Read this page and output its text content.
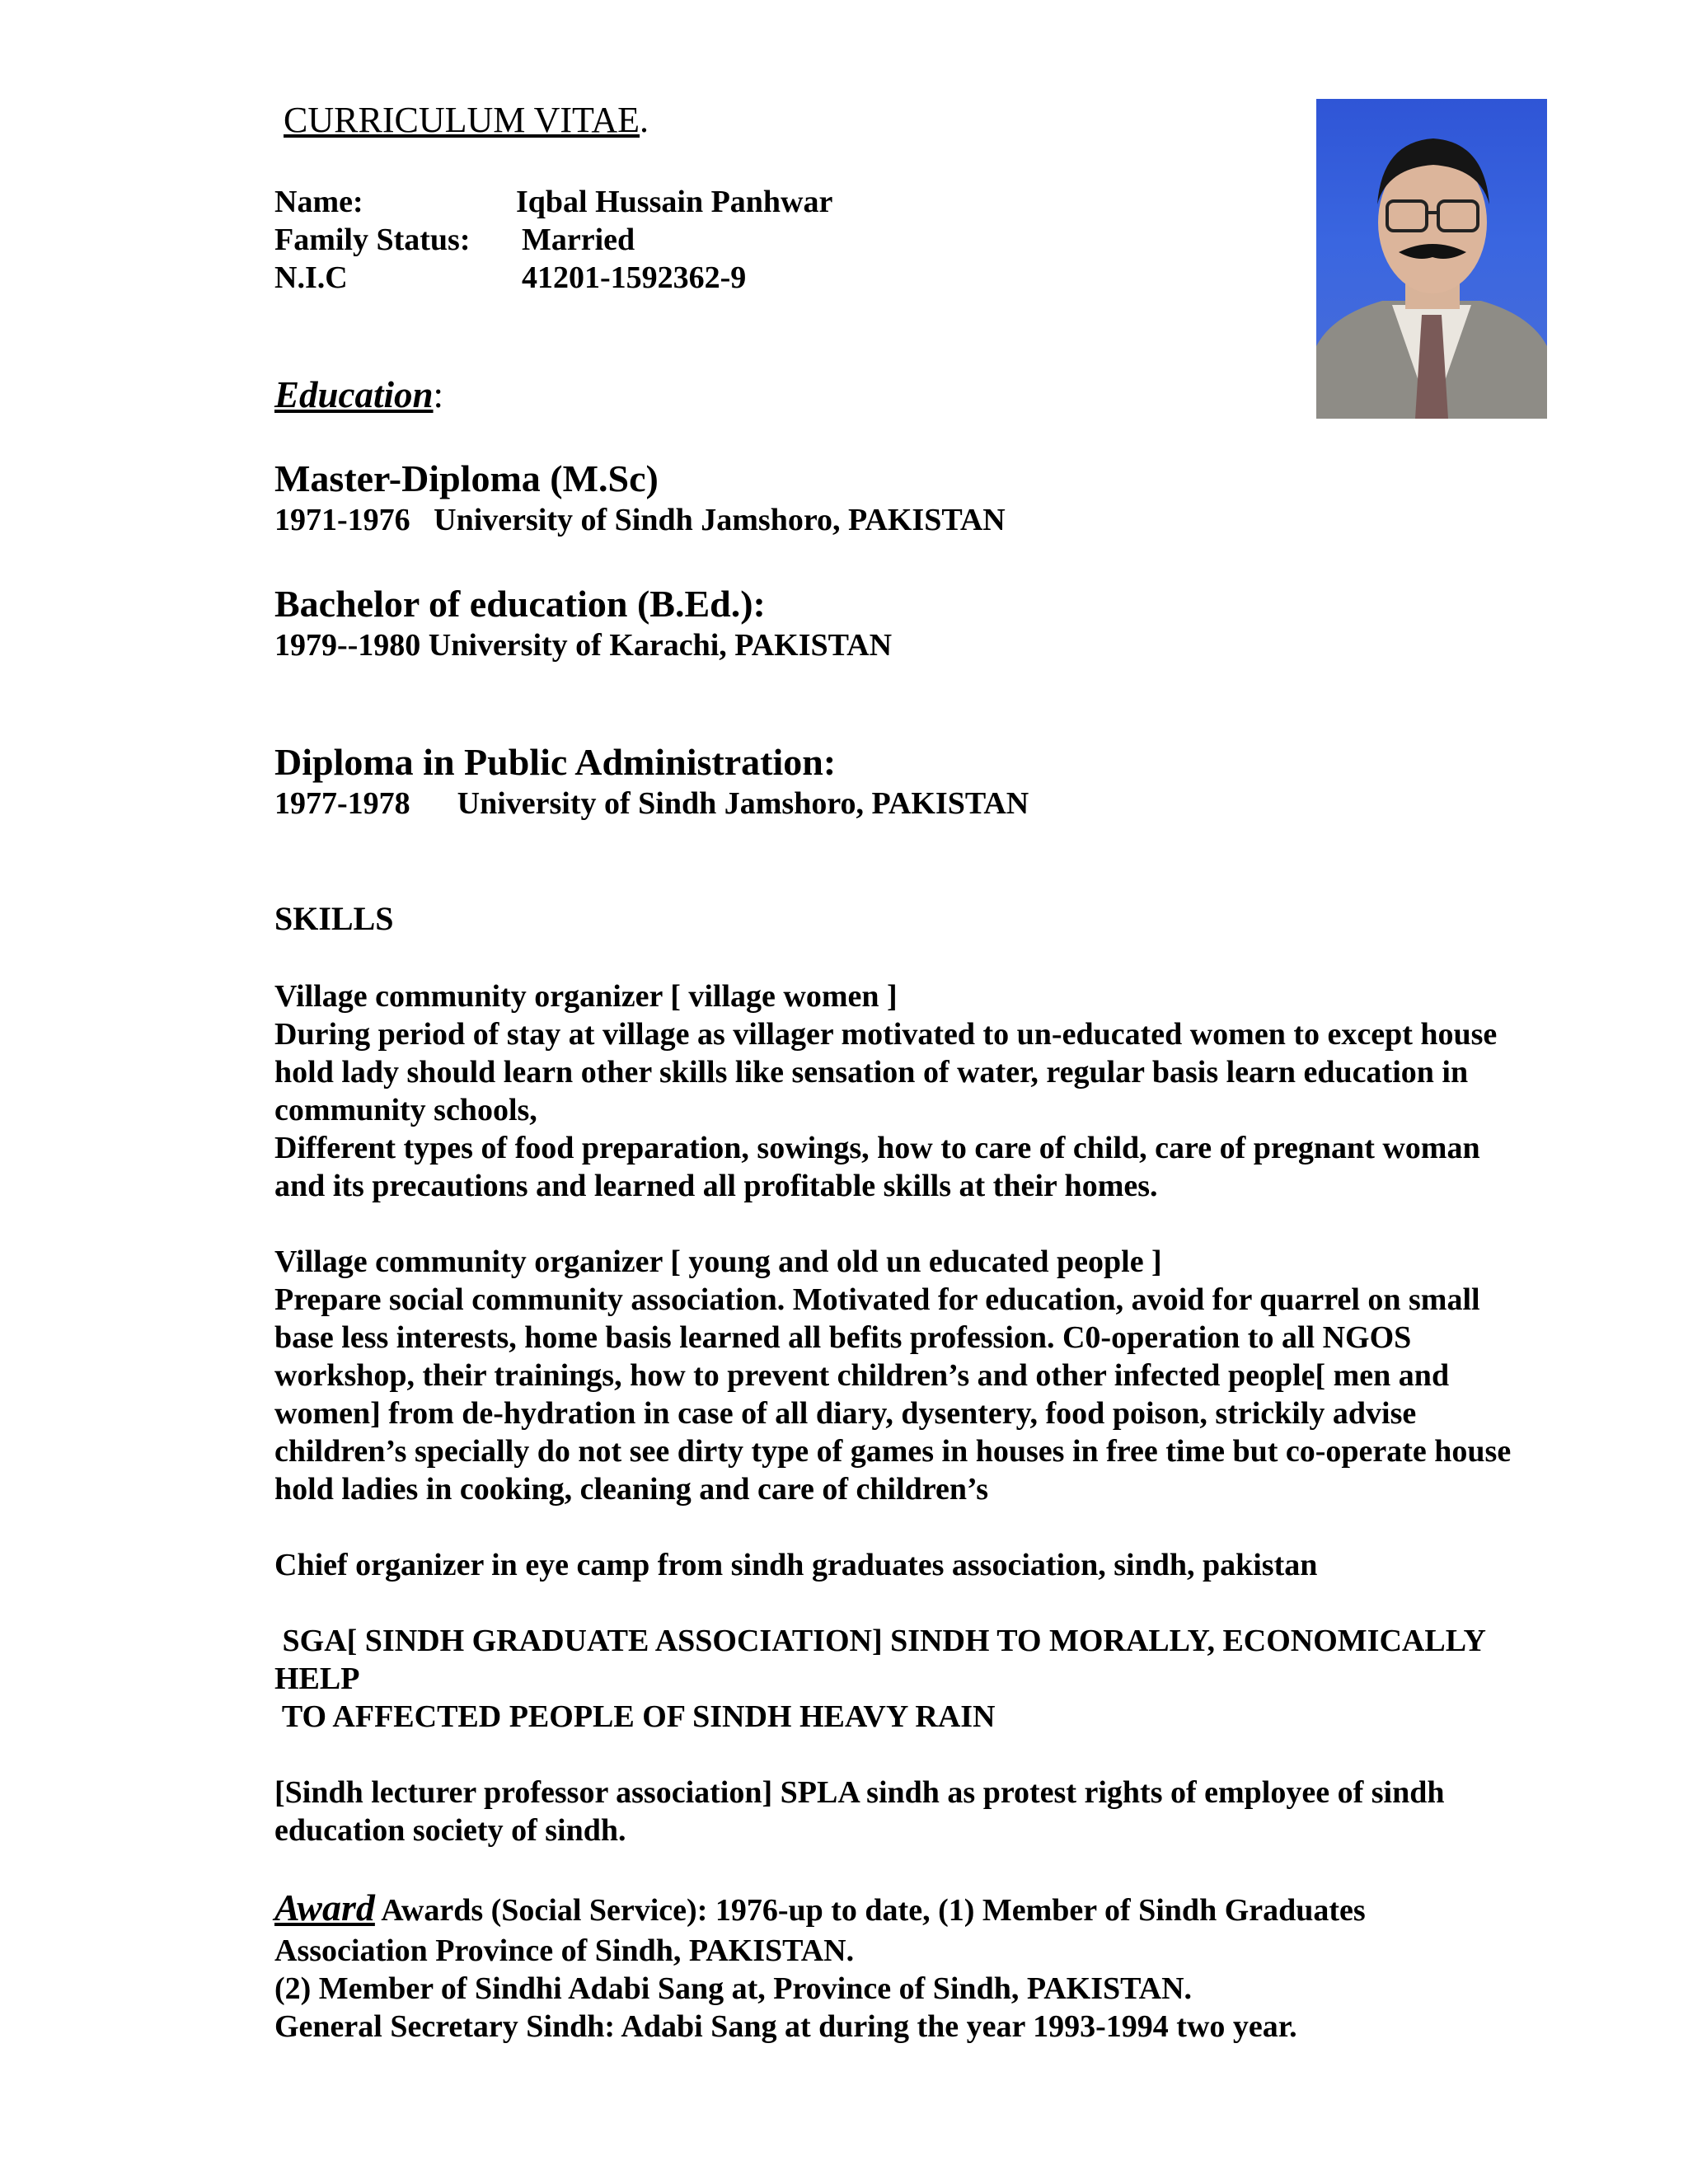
CURRICULUM VITAE.
Name:	Iqbal Hussain Panhwar
Family Status: Married
N.I.C	41201-1592362-9
Education:
Master-Diploma (M.Sc)
1971-1976   University of Sindh Jamshoro, PAKISTAN
Bachelor of education (B.Ed.):
1979--1980 University of Karachi, PAKISTAN
Diploma in Public Administration:
1977-1978      University of Sindh Jamshoro, PAKISTAN
SKILLS
Village community organizer [ village women ]
During period of stay at village as villager motivated to un-educated women to except house
hold lady should learn other skills like sensation of water, regular basis learn education in
community schools,
Different types of food preparation, sowings, how to care of child, care of pregnant woman
and its precautions and learned all profitable skills at their homes.
Village community organizer [ young and old un educated people ]
Prepare social community association. Motivated for education, avoid for quarrel on small
base less interests, home basis learned all befits profession. C0-operation to all NGOS
workshop, their trainings, how to prevent children’s and other infected people[ men and
women] from de-hydration in case of all diary, dysentery, food poison, strickily advise
children’s specially do not see dirty type of games in houses in free time but co-operate house
hold ladies in cooking, cleaning and care of children’s
Chief organizer in eye camp from sindh graduates association, sindh, pakistan
SGA[ SINDH GRADUATE ASSOCIATION] SINDH TO MORALLY, ECONOMICALLY
HELP
TO AFFECTED PEOPLE OF SINDH HEAVY RAIN
[Sindh lecturer professor association] SPLA sindh as protest rights of employee of sindh
education society of sindh.
Award Awards (Social Service): 1976-up to date, (1) Member of Sindh Graduates
Association Province of Sindh, PAKISTAN.
(2) Member of Sindhi Adabi Sang at, Province of Sindh, PAKISTAN.
General Secretary Sindh: Adabi Sang at during the year 1993-1994 two year.
